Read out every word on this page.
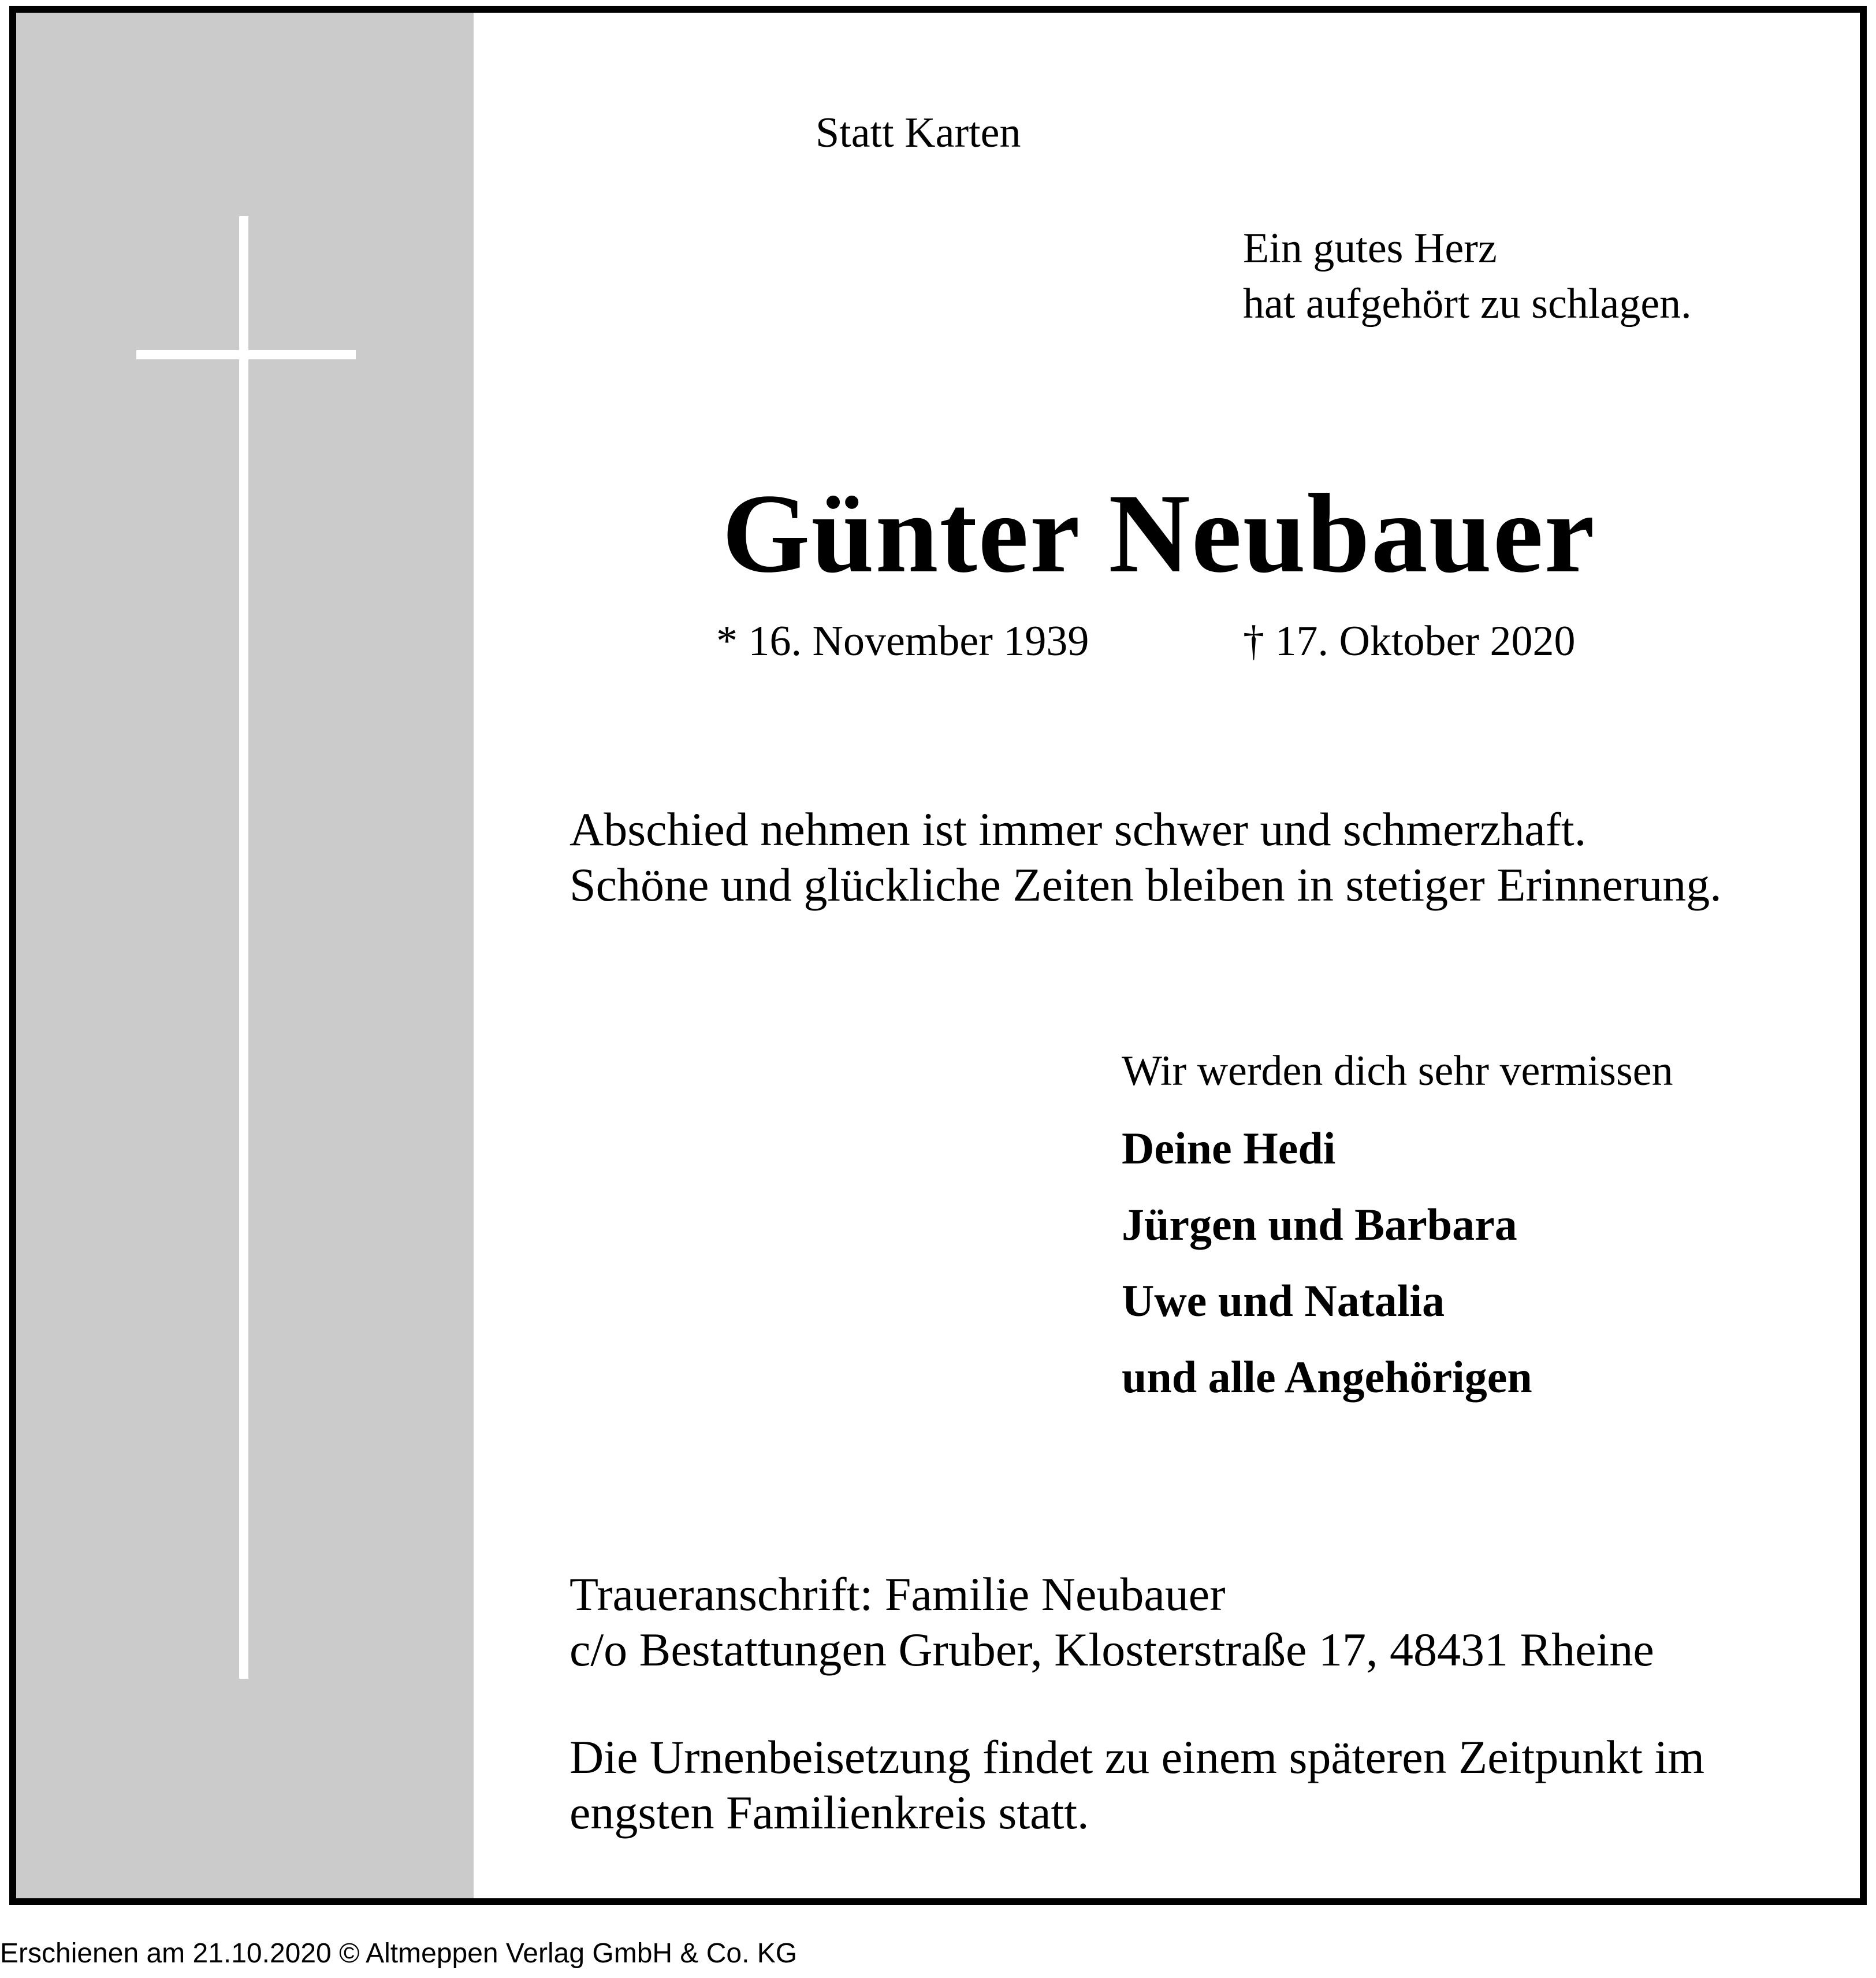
Statt Karten

Ein gutes Herz

hat aufgehört zu schlagen.

Günter Neubauer

* 16. November 1939	† 17. Oktober 2020

Abschied nehmen ist immer schwer und schmerzhaft.

Schöne und glückliche Zeiten bleiben in stetiger Erinnerung.

Wir werden dich sehr vermissen

Deine Hedi

Jürgen und Barbara

Uwe und Natalia

und alle Angehörigen

Traueranschrift: Familie Neubauer

c/o Bestattungen Gruber, Klosterstraße 17, 48431 Rheine

Die Urnenbeisetzung findet zu einem späteren Zeitpunkt im

engsten Familienkreis statt.

Erschienen am 21.10.2020 © Altmeppen Verlag GmbH & Co. KG
